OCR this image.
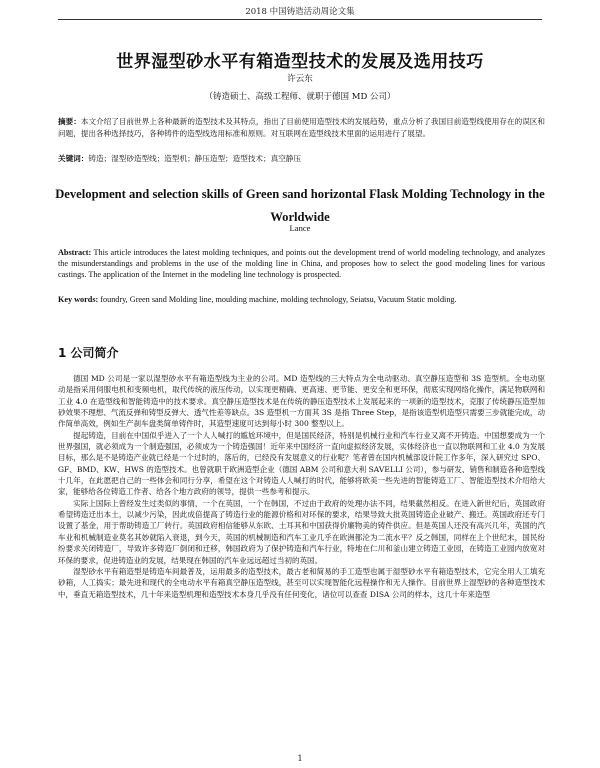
2018 中国铸造活动周论文集
世界湿型砂水平有箱造型技术的发展及选用技巧
许云东
（铸造硕士、高级工程师、就职于德国 MD 公司）
摘要：本文介绍了目前世界上各种最新的造型技术及其特点，指出了目前使用造型技术的发展趋势，重点分析了我国目前造型线使用存在的误区和问题，提出各种选择技巧，各种铸件的造型线选用标准和原则。对互联网在造型线技术里面的运用进行了展望。
关键词：铸造；湿型砂造型线；造型机；静压造型；造型技术；真空静压
Development and selection skills of Green sand horizontal Flask Molding Technology in the Worldwide
Lance
Abstract: This article introduces the latest molding techniques, and points out the development trend of world modeling technology, and analyzes the misunderstandings and problems in the use of the molding line in China, and proposes how to select the good modeling lines for various castings. The application of the Internet in the modeling line technology is prospected.
Key words: foundry, Green sand Molding line, moulding machine, molding technology, Seiatsu, Vacuum Static molding.
1 公司简介

德国 MD 公司是一家以湿型砂水平有箱造型线为主业的公司。MD 造型线的三大特点为全电动驱动、真空静压造型和 3S 造型机。全电动驱动是指采用伺服电机和变频电机，取代传统的液压传动，以实现更精确、更高速、更节能、更安全和更环保，彻底实现网络化操作，满足物联网和工业 4.0 在造型线和智能铸造中的技术要求。真空静压造型技术是在传统的静压造型技术上发展起来的一项新的造型技术，克服了传统静压造型加砂效果不理想、气流反弹和铸型反弹大、透气性差等缺点。3S 造型机一方面其 3S 是指 Three Step，是指该造型机造型只需要三步就能完成，动作简单高效，例如生产刹车盘类简单铸件时，其造型速度可达到每小时 300 整型以上。

提起铸造，目前在中国似乎进入了一个人人喊打的尴尬环境中，但是国民经济，特别是机械行业和汽车行业又离不开铸造。中国想要成为一个世界强国，就必须成为一个制造强国，必须成为一个铸造强国！近年来中国经济一直向虚拟经济发展，实体经济也一直以物联网和工业 4.0 为发展目标，那么是不是铸造产业就已经是一个过时的，落后的，已经没有发展意义的行业呢？笔者曾在国内机械部设计院工作多年，深入研究过 SPO、GF、BMD、KW、HWS 的造型技术。也曾就职于欧洲造型企业（德国 ABM 公司和意大利 SAVELLI 公司），参与研发、销售和制造各种造型线十几年，在此愿把自己的一些体会和同行分享，希望在这个对铸造人人喊打的时代，能够将欧美一些先进的智能铸造工厂、智能造型技术介绍给大家，能够给各位铸造工作者、给各个地方政府的领导，提供一些参考和提示。

实际上国际上曾经发生过类似的事情，一个在英国，一个在韩国，不过由于政府的处理办法不同，结果截然相反。在进入新世纪后，英国政府希望铸造迁出本土，以减少污染，因此成倍提高了铸造行业的能源价格和对环保的要求，结果导致大批英国铸造企业破产、搬迁。英国政府还专门设置了基金，用于帮助铸造工厂转行。英国政府相信能够从东欧、土耳其和中国获得价廉物美的铸件供应。但是英国人还没有高兴几年，英国的汽车业和机械制造业莫名其妙就陷入衰退，到今天，英国的机械制造和汽车工业几乎在欧洲都沦为二流水平？反之韩国，同样在上个世纪末，国民纷纷要求关闭铸造厂，导致许多铸造厂倒闭和迁移，韩国政府为了保护铸造和汽车行业，特地在仁川和釜山建立铸造工业园，在铸造工业园内放宽对环保的要求，促进铸造业的发展，结果现在韩国的汽车业远远超过当初的英国。

湿型砂水平有箱造型是铸造车间最普及，运用最多的造型技术，最古老和简易的手工造型也属于湿型砂水平有箱造型技术，它完全用人工填充砂箱，人工捣实；最先进和现代的全电动水平有箱真空静压造型线，甚至可以实现智能化远程操作和无人操作。目前世界上湿型砂的各种造型技术中，垂直无箱造型技术，几十年来造型机理和造型技术本身几乎没有任何变化，诸位可以查查 DISA 公司的样本，这几十年来造型

1
